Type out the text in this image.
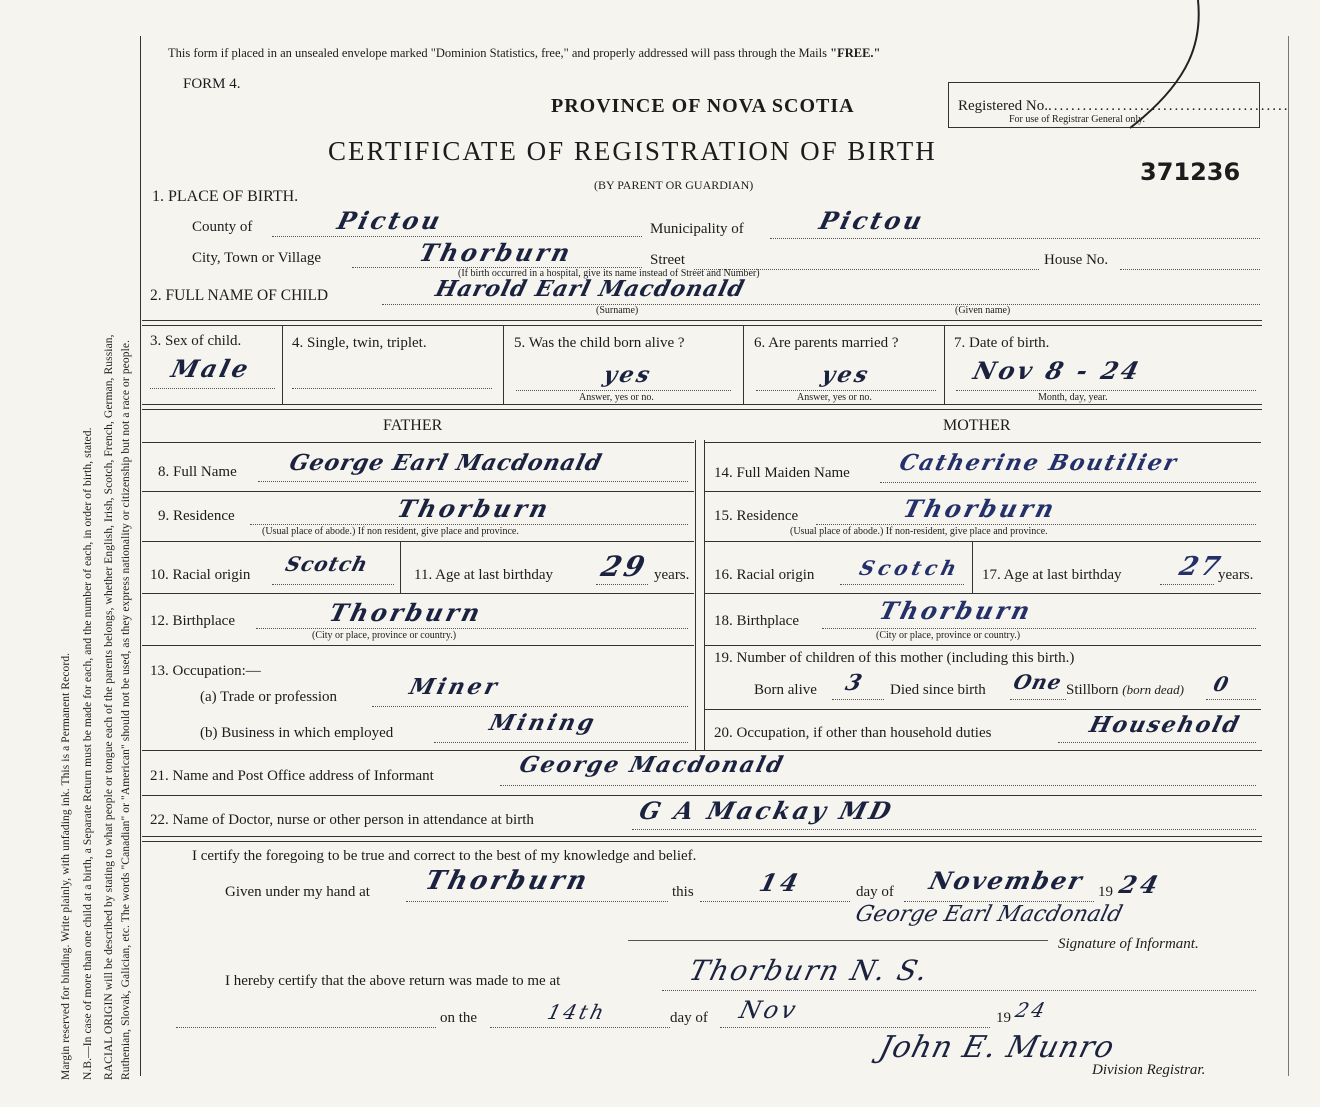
Margin reserved for binding. Write plainly, with unfading ink. This is a Permanent Record. N.B.—In case of more than one child at a birth, a Separate Return must be made for each, and the number of each, in order of birth, stated. RACIAL ORIGIN will be described by stating to what people or tongue each of the parents belongs, whether English, Irish, Scotch, French, German, Russian, Ruthenian, Slovak, Galician, etc. The words "Canadian" or "American" should not be used, as they express nationality or citizenship but not a race or people.
This form if placed in an unsealed envelope marked "Dominion Statistics, free," and properly addressed will pass through the Mails "FREE."
FORM 4.
PROVINCE OF NOVA SCOTIA	Registered No...........................................
For use of Registrar General only.
CERTIFICATE OF REGISTRATION OF BIRTH
(BY PARENT OR GUARDIAN)	371236
1. PLACE OF BIRTH.
County of	Pictou	Municipality of	Pictou
City, Town or Village	Thorburn	Street	House No.
(If birth occurred in a hospital, give its name instead of Street and Number)
2. FULL NAME OF CHILD	Harold Earl Macdonald
(Surname)	(Given name)
3. Sex of child.
Male
4. Single, twin, triplet.	5. Was the child born alive ?
yes
Answer, yes or no.
6. Are parents married ?
yes
Answer, yes or no.
7. Date of birth.
Nov 8 - 24
Month, day, year.
FATHER	MOTHER
8. Full Name George Earl Macdonald
9. Residence	Thorburn
(Usual place of abode.) If non resident, give place and province.
10. Racial origin Scotch	11. Age at last birthday 29 years.
12. Birthplace	Thorburn
(City or place, province or country.)
13. Occupation:—
(a) Trade or profession	Miner
(b) Business in which employed	Mining
14. Full Maiden Name Catherine Boutilier
15. Residence	Thorburn
(Usual place of abode.) If non-resident, give place and province.
16. Racial origin Scotch 17. Age at last birthday 27
years.
18. Birthplace	Thorburn
(City or place, province or country.)
19. Number of children of this mother (including this birth.)
Born alive 3 Died since birth One Stillborn (born dead) 0
20. Occupation, if other than household duties	Household
21. Name and Post Office address of Informant	George Macdonald
22. Name of Doctor, nurse or other person in attendance at birth	G A Mackay MD
I certify the foregoing to be true and correct to the best of my knowledge and belief.
Given under my hand at Thorburn	this	14	day of November 19 24
George Earl Macdonald
Signature of Informant.
I hereby certify that the above return was made to me at	Thorburn N. S.
on the	14th	day of Nov	19 24
John E. Munro
Division Registrar.
